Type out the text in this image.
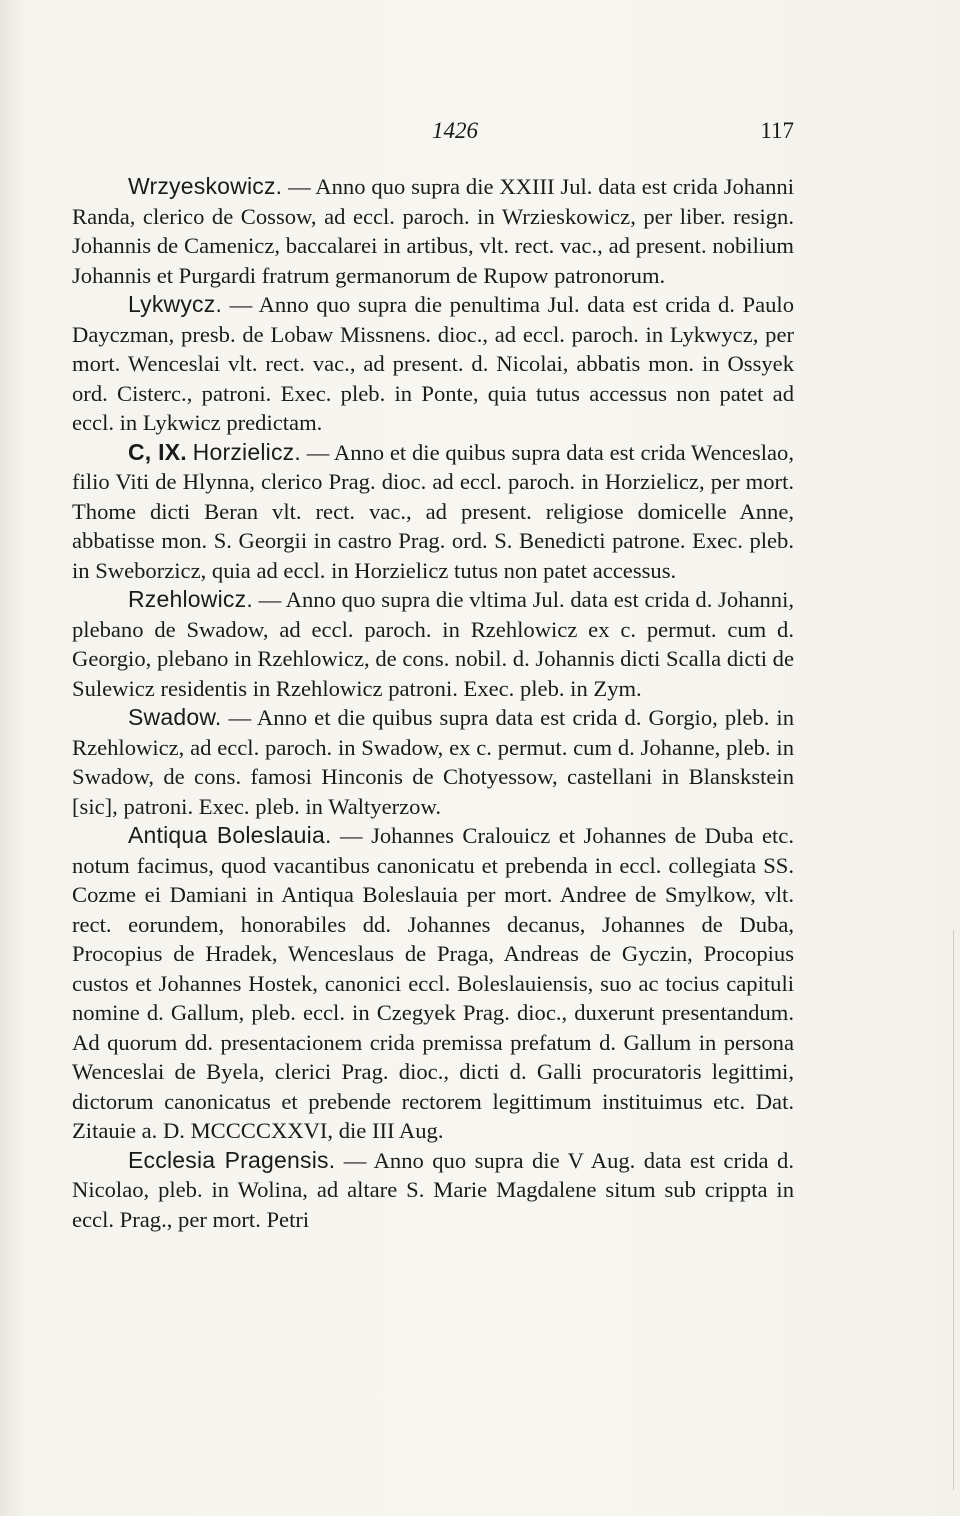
1426	117

Wrzyeskowicz. — Anno quo supra die XXIII Jul. data est crida Johanni Randa, clerico de Cossow, ad eccl. paroch. in Wrzieskowicz, per liber. resign. Johannis de Camenicz, baccalarei in artibus, vlt. rect. vac., ad present. nobilium Johannis et Purgardi fratrum germanorum de Rupow patronorum.

Lykwycz. — Anno quo supra die penultima Jul. data est crida d. Paulo Dayczman, presb. de Lobaw Missnens. dioc., ad eccl. paroch. in Lykwycz, per mort. Wenceslai vlt. rect. vac., ad present. d. Nicolai, abbatis mon. in Ossyek ord. Cisterc., patroni. Exec. pleb. in Ponte, quia tutus accessus non patet ad eccl. in Lykwicz predictam.

C, IX. Horzielicz. — Anno et die quibus supra data est crida Wenceslao, filio Viti de Hlynna, clerico Prag. dioc. ad eccl. paroch. in Horzielicz, per mort. Thome dicti Beran vlt. rect. vac., ad present. religiose domicelle Anne, abbatisse mon. S. Georgii in castro Prag. ord. S. Benedicti patrone. Exec. pleb. in Sweborzicz, quia ad eccl. in Horzielicz tutus non patet accessus.

Rzehlowicz. — Anno quo supra die vltima Jul. data est crida d. Johanni, plebano de Swadow, ad eccl. paroch. in Rzehlowicz ex c. permut. cum d. Georgio, plebano in Rzehlowicz, de cons. nobil. d. Johannis dicti Scalla dicti de Sulewicz residentis in Rzehlowicz patroni. Exec. pleb. in Zym.

Swadow. — Anno et die quibus supra data est crida d. Gorgio, pleb. in Rzehlowicz, ad eccl. paroch. in Swadow, ex c. permut. cum d. Johanne, pleb. in Swadow, de cons. famosi Hinconis de Chotyessow, castellani in Blanskstein [sic], patroni. Exec. pleb. in Waltyerzow.

Antiqua Boleslauia. — Johannes Cralouicz et Johannes de Duba etc. notum facimus, quod vacantibus canonicatu et prebenda in eccl. collegiata SS. Cozme ei Damiani in Antiqua Boleslauia per mort. Andree de Smylkow, vlt. rect. eorundem, honorabiles dd. Johannes decanus, Johannes de Duba, Procopius de Hradek, Wenceslaus de Praga, Andreas de Gyczin, Procopius custos et Johannes Hostek, canonici eccl. Boleslauiensis, suo ac tocius capituli nomine d. Gallum, pleb. eccl. in Czegyek Prag. dioc., duxerunt presentandum. Ad quorum dd. presentacionem crida premissa prefatum d. Gallum in persona Wenceslai de Byela, clerici Prag. dioc., dicti d. Galli procuratoris legittimi, dictorum canonicatus et prebende rectorem legittimum instituimus etc. Dat. Zitauie a. D. MCCCCXXVI, die III Aug.

Ecclesia Pragensis. — Anno quo supra die V Aug. data est crida d. Nicolao, pleb. in Wolina, ad altare S. Marie Magdalene situm sub crippta in eccl. Prag., per mort. Petri
